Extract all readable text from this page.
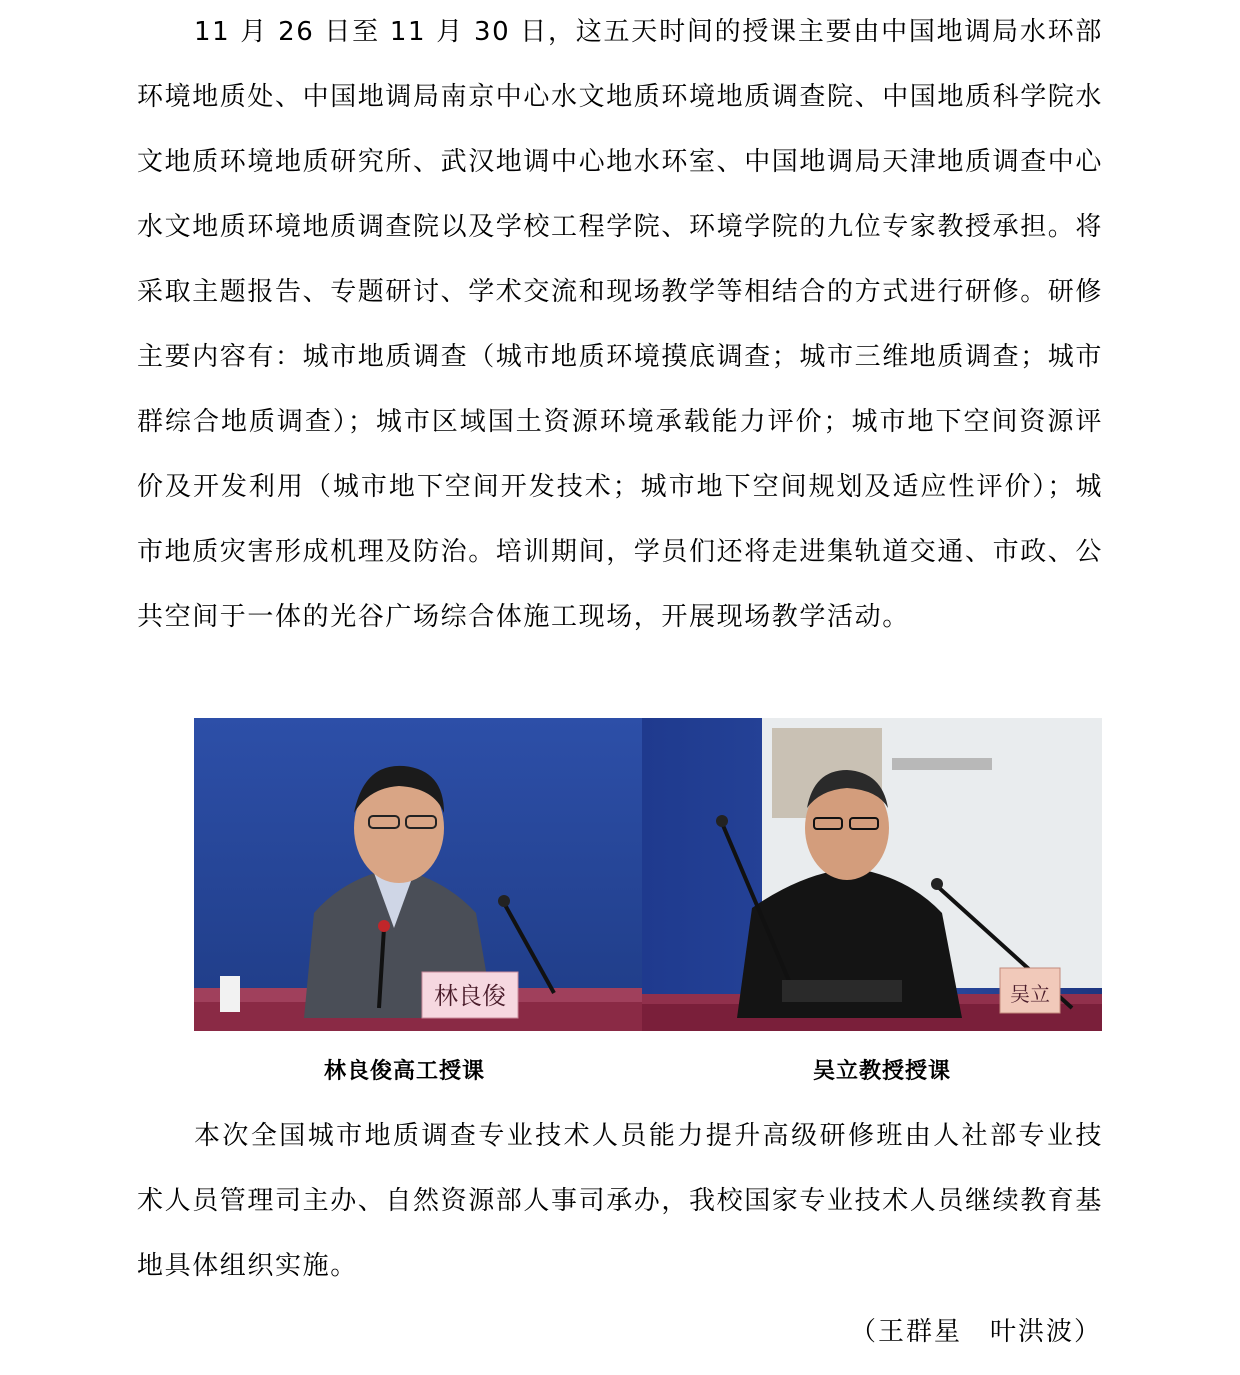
11 月 26 日至 11 月 30 日，这五天时间的授课主要由中国地调局水环部环境地质处、中国地调局南京中心水文地质环境地质调查院、中国地质科学院水文地质环境地质研究所、武汉地调中心地水环室、中国地调局天津地质调查中心水文地质环境地质调查院以及学校工程学院、环境学院的九位专家教授承担。将采取主题报告、专题研讨、学术交流和现场教学等相结合的方式进行研修。研修主要内容有：城市地质调查（城市地质环境摸底调查；城市三维地质调查；城市群综合地质调查）；城市区域国土资源环境承载能力评价；城市地下空间资源评价及开发利用（城市地下空间开发技术；城市地下空间规划及适应性评价）；城市地质灾害形成机理及防治。培训期间，学员们还将走进集轨道交通、市政、公共空间于一体的光谷广场综合体施工现场，开展现场教学活动。

林良俊	吴立
林良俊高工授课	吴立教授授课

本次全国城市地质调查专业技术人员能力提升高级研修班由人社部专业技术人员管理司主办、自然资源部人事司承办，我校国家专业技术人员继续教育基地具体组织实施。

（王群星　叶洪波）
